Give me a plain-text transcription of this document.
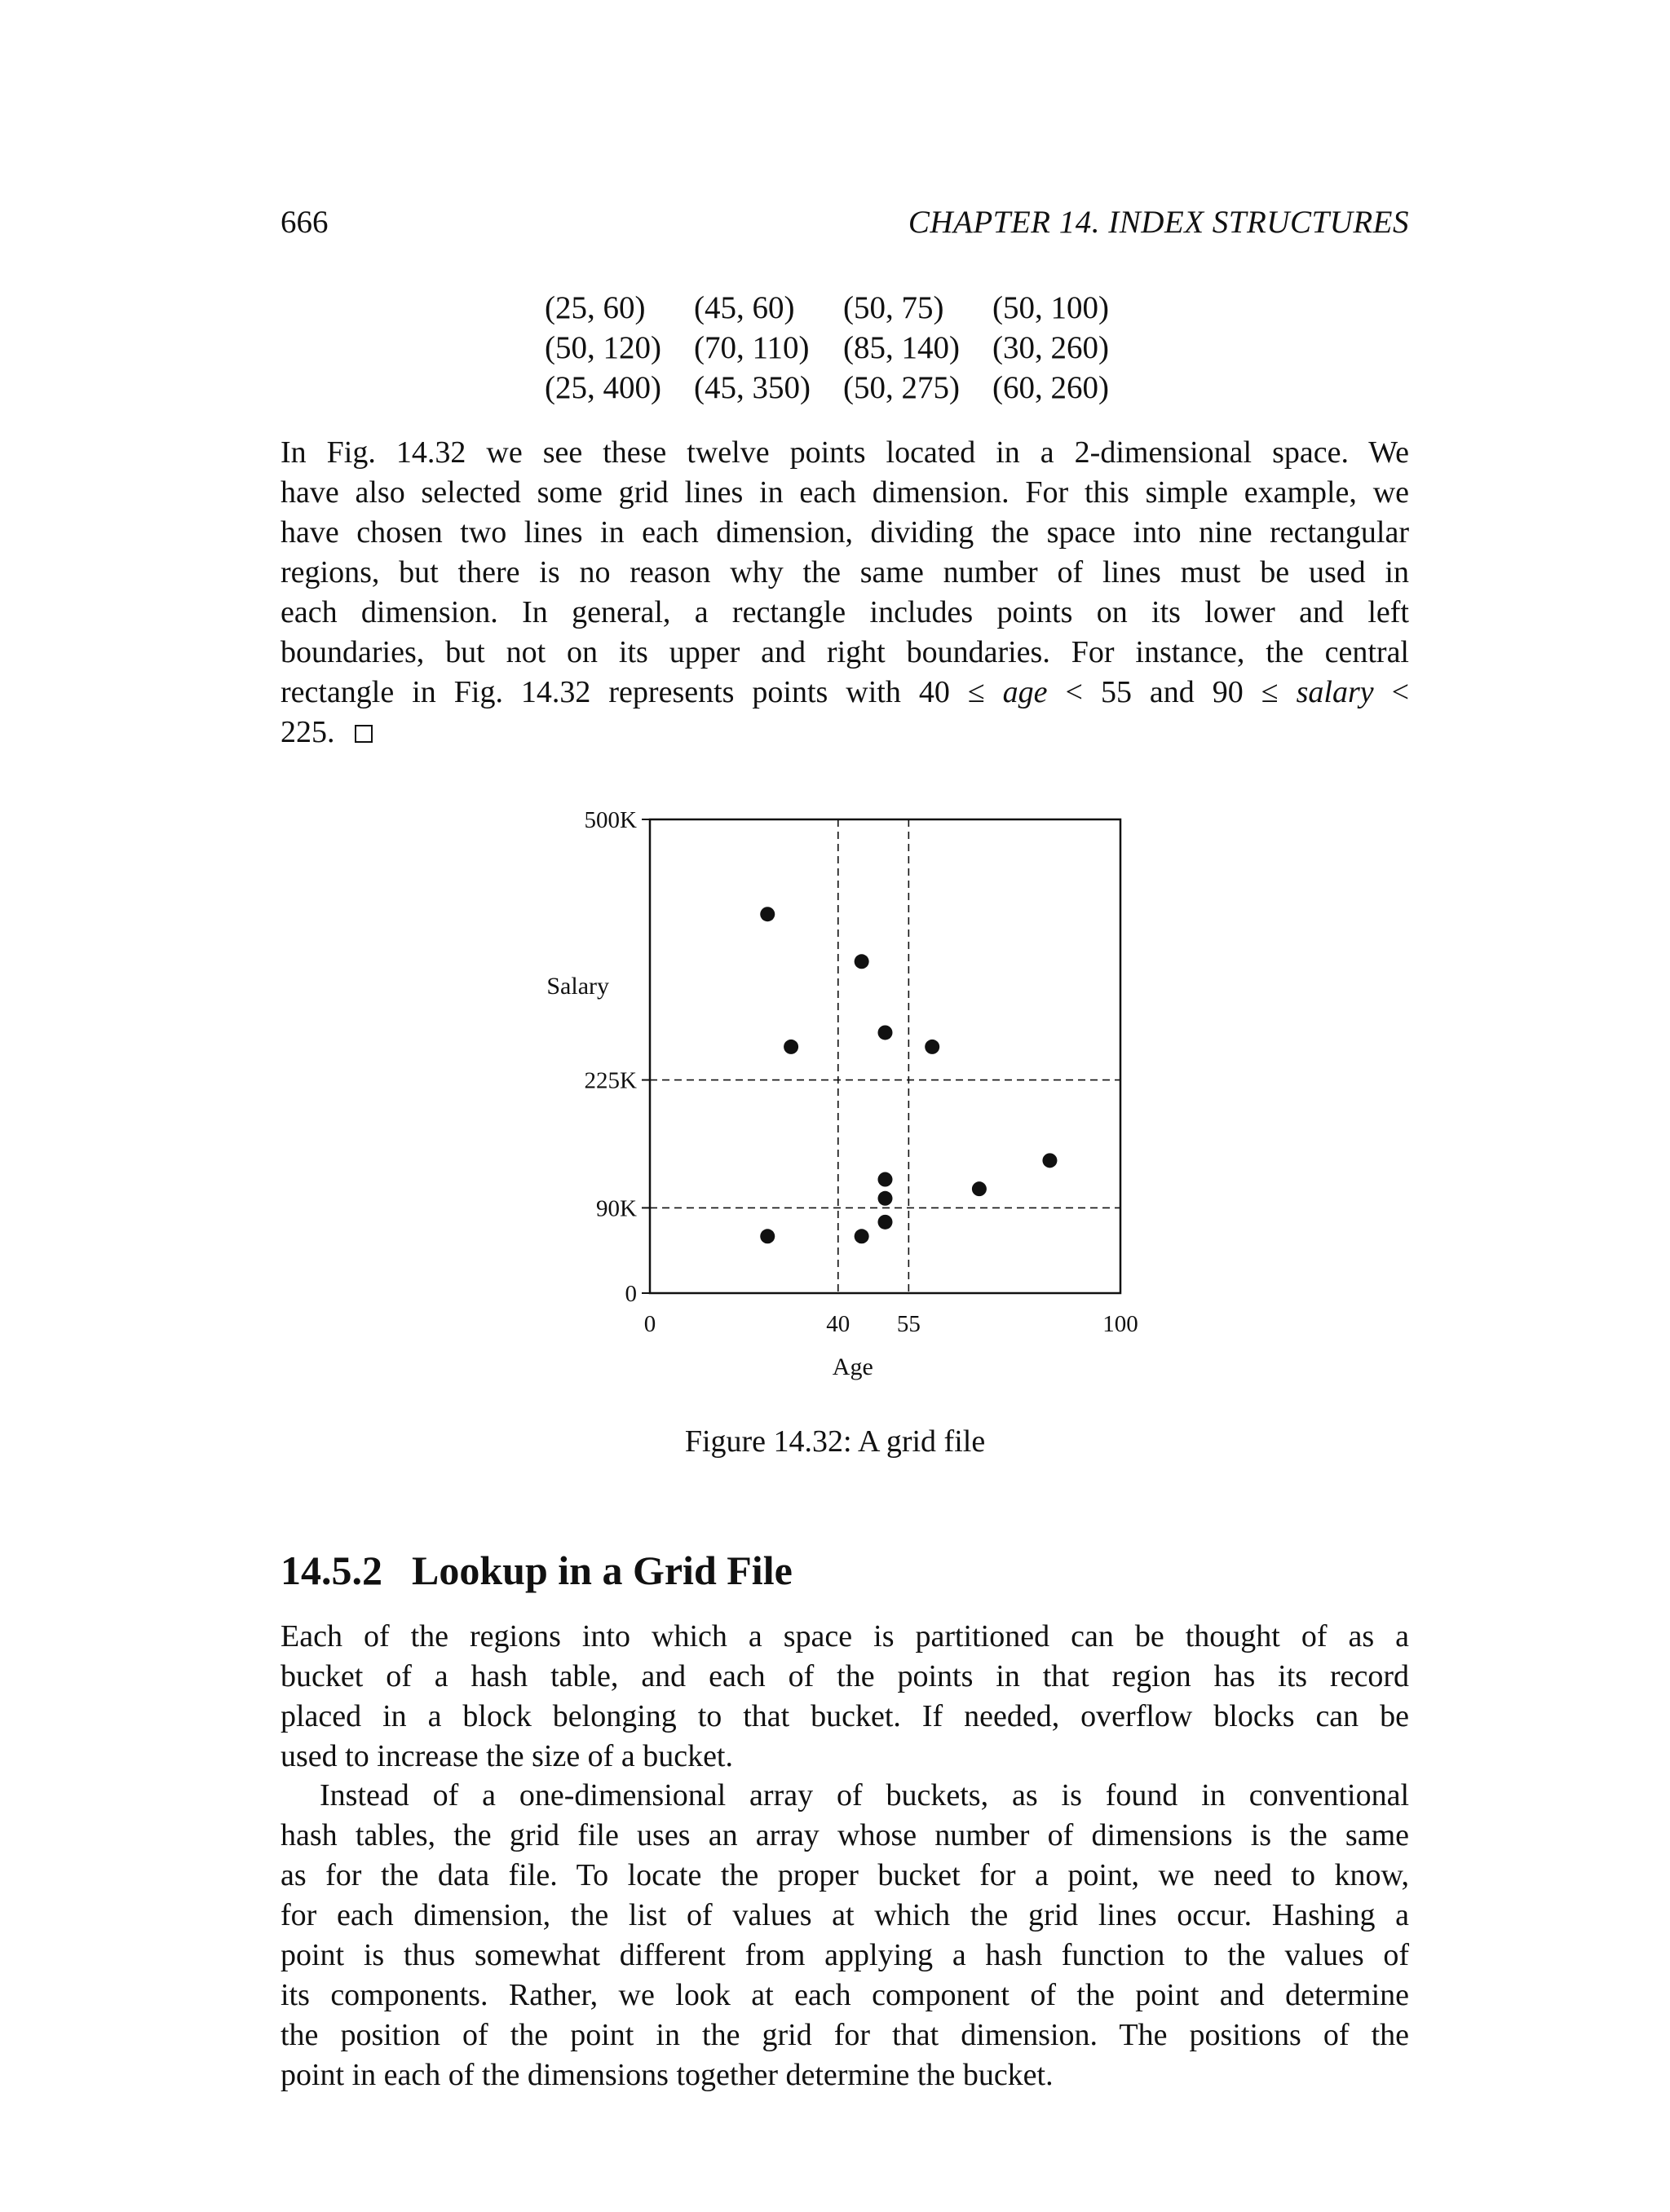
666	CHAPTER 14. INDEX STRUCTURES
(25, 60)	(45, 60)	(50, 75)	(50, 100)
(50, 120)	(70, 110)	(85, 140)	(30, 260)
(25, 400)	(45, 350)	(50, 275)	(60, 260)
In Fig. 14.32 we see these twelve points located in a 2-dimensional space. We
have also selected some grid lines in each dimension. For this simple example, we
have chosen two lines in each dimension, dividing the space into nine rectangular
regions, but there is no reason why the same number of lines must be used in
each dimension. In general, a rectangle includes points on its lower and left
boundaries, but not on its upper and right boundaries. For instance, the central
rectangle in Fig. 14.32 represents points with 40 ≤ age < 55 and 90 ≤ salary <
225.
0
90K
225K
500K
0	40 55	100
Age
Salary
Figure 14.32: A grid file
14.5.2 Lookup in a Grid File
Each of the regions into which a space is partitioned can be thought of as a
bucket of a hash table, and each of the points in that region has its record
placed in a block belonging to that bucket. If needed, overflow blocks can be
used to increase the size of a bucket.
Instead of a one-dimensional array of buckets, as is found in conventional
hash tables, the grid file uses an array whose number of dimensions is the same
as for the data file. To locate the proper bucket for a point, we need to know,
for each dimension, the list of values at which the grid lines occur. Hashing a
point is thus somewhat different from applying a hash function to the values of
its components. Rather, we look at each component of the point and determine
the position of the point in the grid for that dimension. The positions of the
point in each of the dimensions together determine the bucket.
